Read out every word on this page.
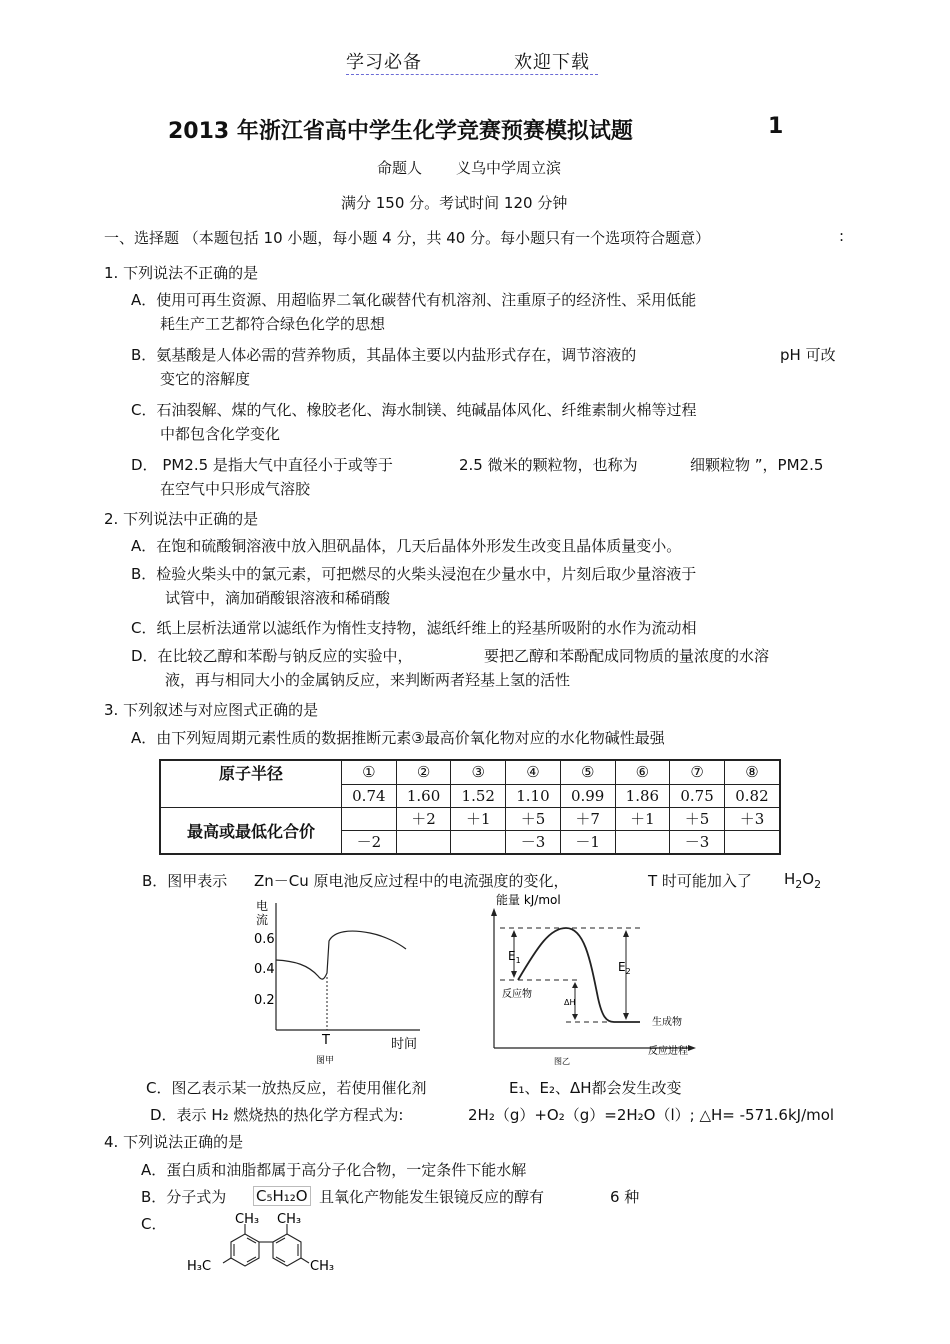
学习必备	欢迎下载
2013 年浙江省高中学生化学竞赛预赛模拟试题	1
命题人 义乌中学周立滨
满分 150 分。考试时间 120 分钟
一、选择题 （本题包括 10 小题，每小题 4 分，共 40 分。每小题只有一个选项符合题意）	:
1. 下列说法不正确的是
A．使用可再生资源、用超临界二氧化碳替代有机溶剂、注重原子的经济性、采用低能
耗生产工艺都符合绿色化学的思想
B．氨基酸是人体必需的营养物质，其晶体主要以内盐形式存在，调节溶液的	pH 可改
变它的溶解度
C．石油裂解、煤的气化、橡胶老化、海水制镁、纯碱晶体风化、纤维素制火棉等过程
中都包含化学变化
D． PM2.5 是指大气中直径小于或等于	2.5 微米的颗粒物，也称为	细颗粒物 ”，PM2.5
在空气中只形成气溶胶
2. 下列说法中正确的是
A．在饱和硫酸铜溶液中放入胆矾晶体，几天后晶体外形发生改变且晶体质量变小。
B．检验火柴头中的氯元素，可把燃尽的火柴头浸泡在少量水中，片刻后取少量溶液于
试管中，滴加硝酸银溶液和稀硝酸
C．纸上层析法通常以滤纸作为惰性支持物，滤纸纤维上的羟基所吸附的水作为流动相
D．在比较乙醇和苯酚与钠反应的实验中，	要把乙醇和苯酚配成同物质的量浓度的水溶
液，再与相同大小的金属钠反应，来判断两者羟基上氢的活性
3. 下列叙述与对应图式正确的是
A．由下列短周期元素性质的数据推断元素③最高价氧化物对应的水化物碱性最强
原子半径	①	②	③	④	⑤	⑥	⑦	⑧
	0.74	1.60	1.52	1.10	0.99	1.86	0.75	0.82
最高或最低化合价		＋2	＋1	＋5	＋7	＋1	＋5	＋3
	－2			－3	－1		－3	
B．图甲表示 Zn－Cu 原电池反应过程中的电流强度的变化，	T 时可能加入了 $H_2O_2$
电
流
0.6
0.4
0.2
T	时间
图甲
能量 kJ/mol
$E_1$	$E_2$
ΔH
反应物
生成物
反应进程
图乙
C．图乙表示某一放热反应，若使用催化剂	E₁、E₂、ΔH都会发生改变
D．表示 H₂ 燃烧热的热化学方程式为:	2H₂（g）+O₂（g）=2H₂O（l）; △H= -571.6kJ/mol
4. 下列说法正确的是
A．蛋白质和油脂都属于高分子化合物，一定条件下能水解
B．分子式为 C₅H₁₂O 且氧化产物能发生银镜反应的醇有	6 种
C．	CH₃ CH₃
H₃C	CH₃
